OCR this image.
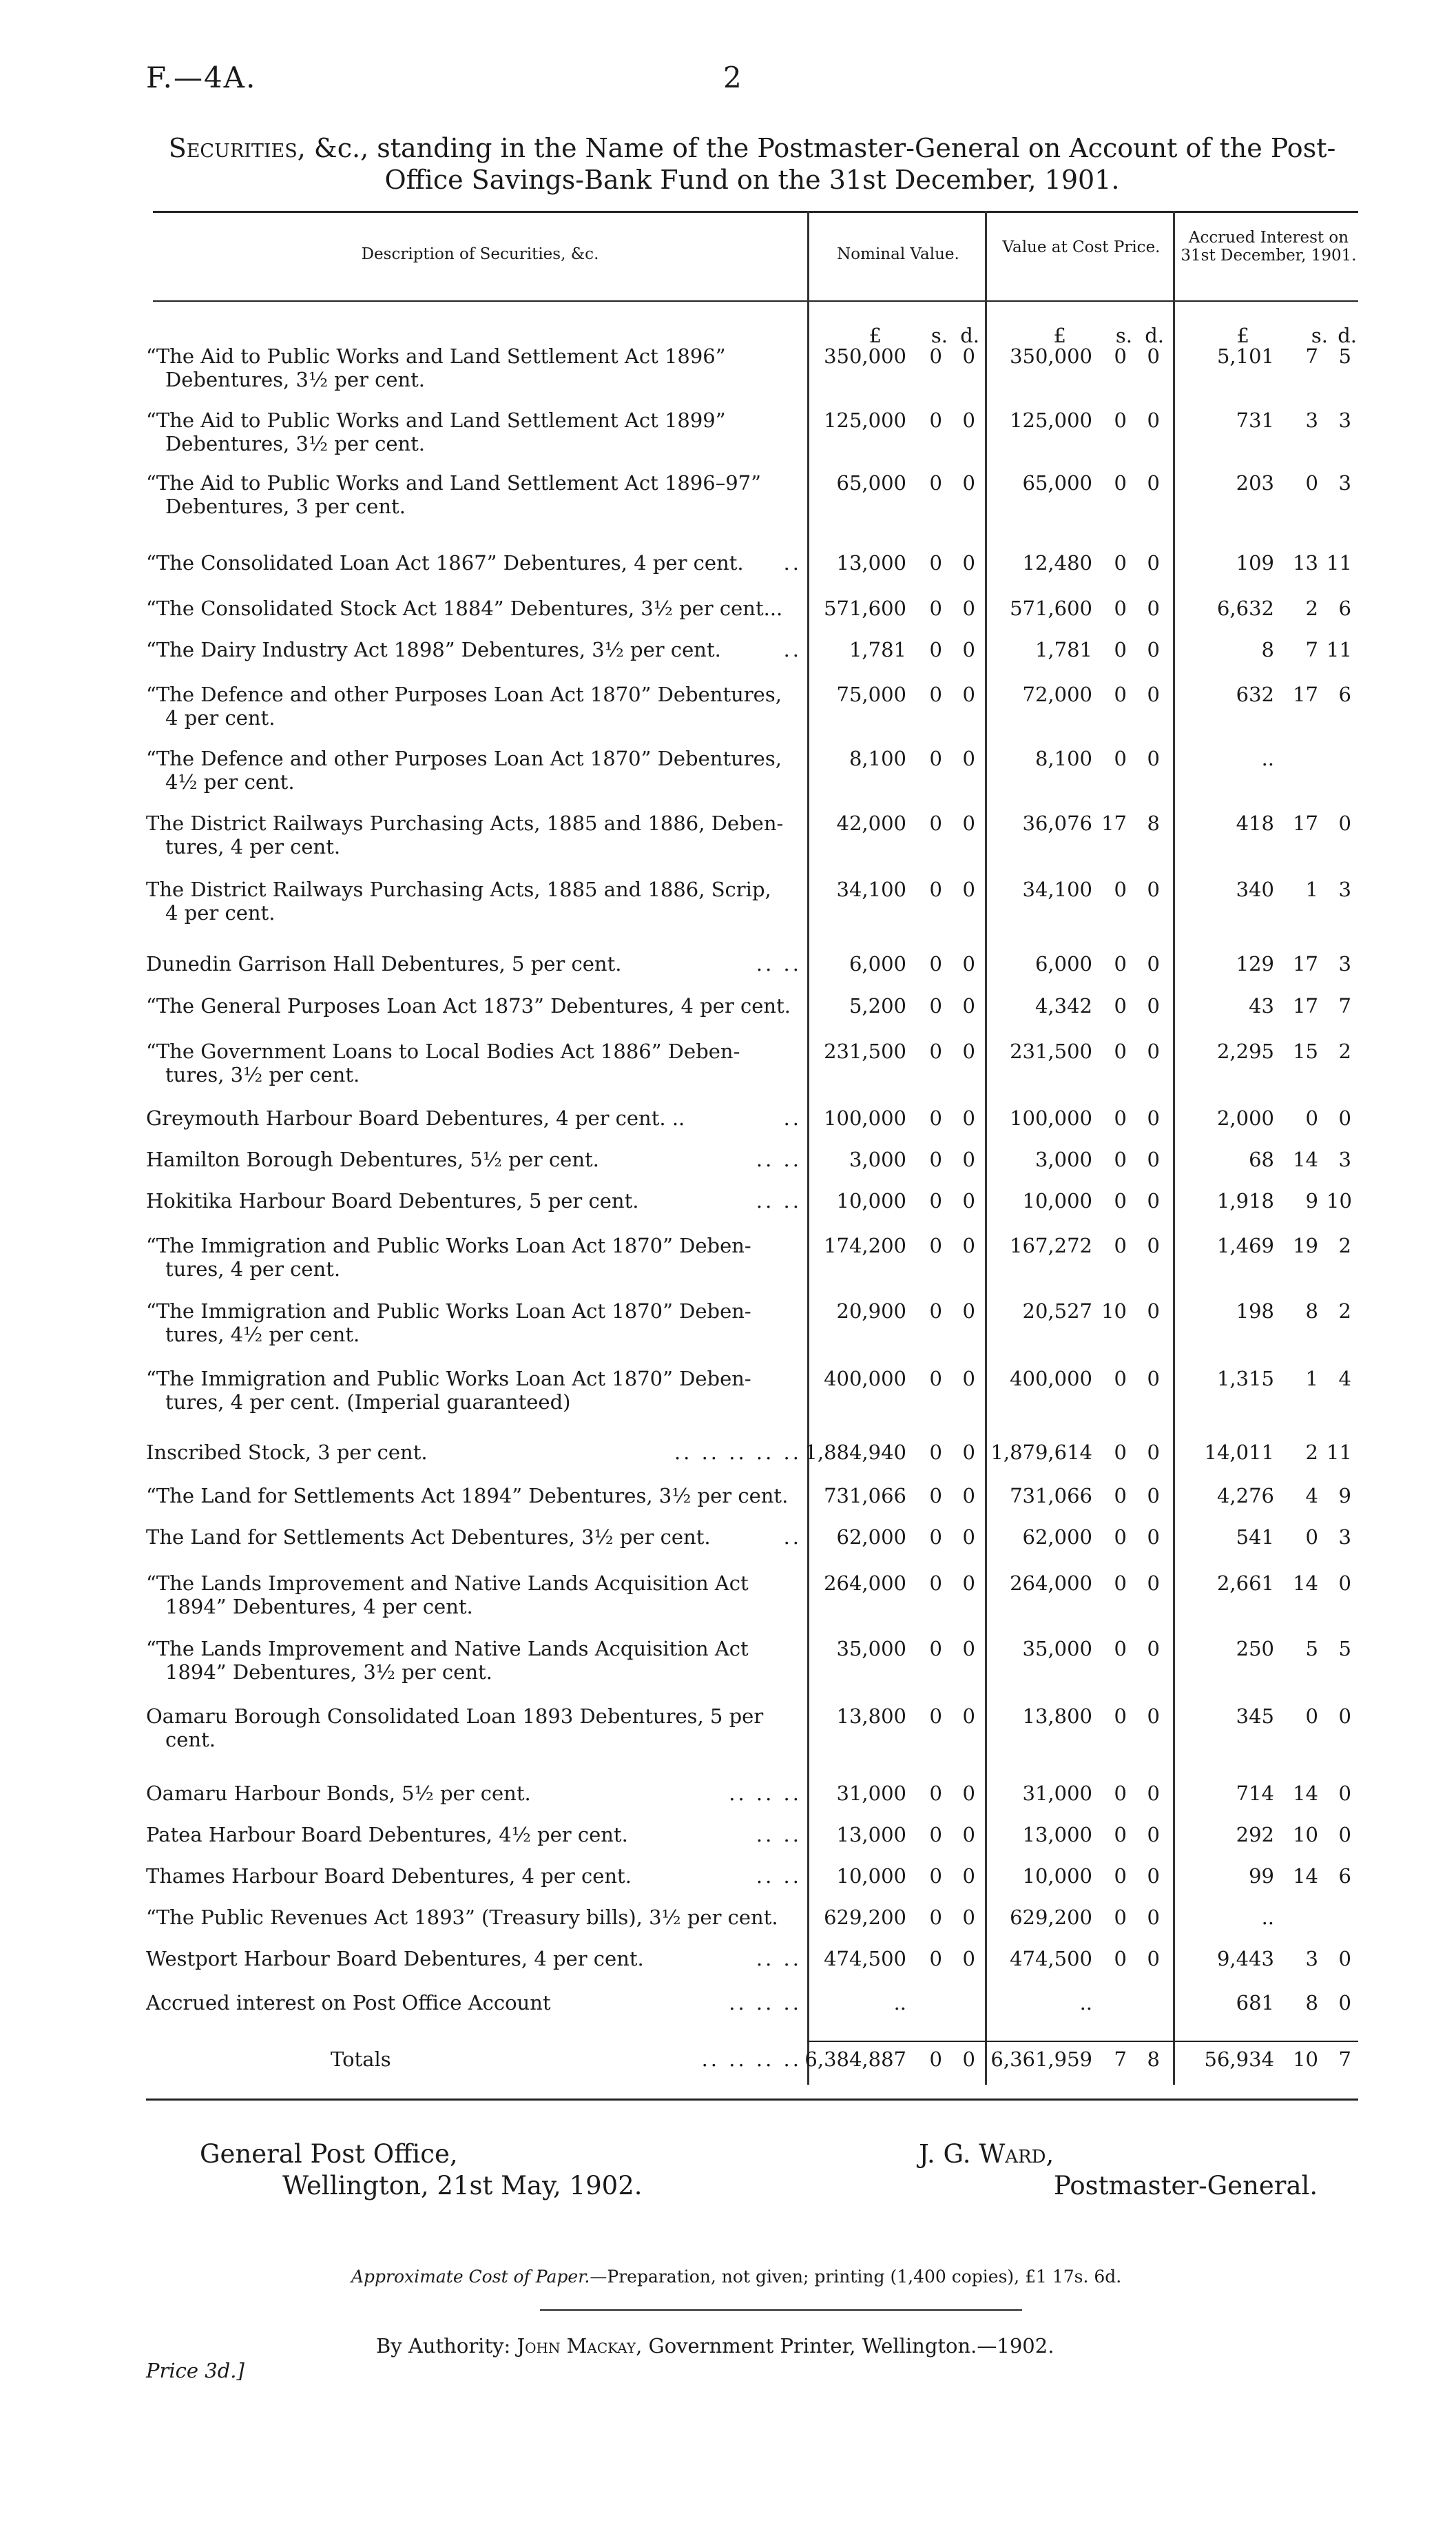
F.—4A.	2
Securities, &c., standing in the Name of the Postmaster-General on Account of the Post-Office Savings-Bank Fund on the 31st December, 1901.
Description of Securities, &c.	Nominal Value.	Value at Cost Price.
Accrued Interest on 31st December, 1901.
£	s. d.	£	s. d.	£	s. d.
“The Aid to Public Works and Land Settlement Act 1896”
Debentures, 3½ per cent.
350,000	0	0	350,000	0	0	5,101	7	5
“The Aid to Public Works and Land Settlement Act 1899”
Debentures, 3½ per cent.
125,000	0	0	125,000	0	0	731	3	3
“The Aid to Public Works and Land Settlement Act 1896–97”
Debentures, 3 per cent.
65,000	0	0	65,000	0	0	203	0	3
“The Consolidated Loan Act 1867” Debentures, 4 per cent. ..	13,000	0	0	12,480	0	0	109 13 11
“The Consolidated Stock Act 1884” Debentures, 3½ per cent...	571,600	0	0	571,600	0	0	6,632	2	6
“The Dairy Industry Act 1898” Debentures, 3½ per cent.	..	1,781	0	0	1,781	0	0	8	7 11
“The Defence and other Purposes Loan Act 1870” Debentures,
4 per cent.
75,000	0	0	72,000	0	0	632 17	6
“The Defence and other Purposes Loan Act 1870” Debentures,
4½ per cent.
8,100	0	0	8,100	0	0	..
The District Railways Purchasing Acts, 1885 and 1886, Deben-
tures, 4 per cent.
42,000	0	0	36,076 17	8	418 17	0
The District Railways Purchasing Acts, 1885 and 1886, Scrip,
4 per cent.
34,100	0	0	34,100	0	0	340	1	3
Dunedin Garrison Hall Debentures, 5 per cent.	.. ..	6,000	0	0	6,000	0	0	129 17	3
“The General Purposes Loan Act 1873” Debentures, 4 per cent.	5,200	0	0	4,342	0	0	43 17	7
“The Government Loans to Local Bodies Act 1886” Deben-
tures, 3½ per cent.
231,500	0	0	231,500	0	0	2,295 15	2
Greymouth Harbour Board Debentures, 4 per cent. ..	..	100,000	0	0	100,000	0	0	2,000	0	0
Hamilton Borough Debentures, 5½ per cent.	.. ..	3,000	0	0	3,000	0	0	68 14	3
Hokitika Harbour Board Debentures, 5 per cent.	.. ..	10,000	0	0	10,000	0	0	1,918	9 10
“The Immigration and Public Works Loan Act 1870” Deben-
tures, 4 per cent.
174,200	0	0	167,272	0	0	1,469 19	2
“The Immigration and Public Works Loan Act 1870” Deben-
tures, 4½ per cent.
20,900	0	0	20,527 10	0	198	8	2
“The Immigration and Public Works Loan Act 1870” Deben-
tures, 4 per cent. (Imperial guaranteed)
400,000	0	0	400,000	0	0	1,315	1	4
Inscribed Stock, 3 per cent.	.. .. .. .. .. 1,884,940	0	0 1,879,614	0	0	14,011	2 11
“The Land for Settlements Act 1894” Debentures, 3½ per cent.	731,066	0	0	731,066	0	0	4,276	4	9
The Land for Settlements Act Debentures, 3½ per cent.	..	62,000	0	0	62,000	0	0	541	0	3
“The Lands Improvement and Native Lands Acquisition Act
1894” Debentures, 4 per cent.
264,000	0	0	264,000	0	0	2,661 14	0
“The Lands Improvement and Native Lands Acquisition Act
1894” Debentures, 3½ per cent.
35,000	0	0	35,000	0	0	250	5	5
Oamaru Borough Consolidated Loan 1893 Debentures, 5 per
cent.
13,800	0	0	13,800	0	0	345	0	0
Oamaru Harbour Bonds, 5½ per cent.	.. .. ..	31,000	0	0	31,000	0	0	714 14	0
Patea Harbour Board Debentures, 4½ per cent.	.. ..	13,000	0	0	13,000	0	0	292 10	0
Thames Harbour Board Debentures, 4 per cent.	.. ..	10,000	0	0	10,000	0	0	99 14	6
“The Public Revenues Act 1893” (Treasury bills), 3½ per cent.	629,200	0	0	629,200	0	0	..
Westport Harbour Board Debentures, 4 per cent.	.. ..	474,500	0	0	474,500	0	0	9,443	3	0
Accrued interest on Post Office Account	.. .. ..	..	..	681	8	0
Totals	.. .. .. .. 6,384,887	0	0 6,361,959	7	8	56,934 10	7
General Post Office,
Wellington, 21st May, 1902.
J. G. Ward,
Postmaster-General.
Approximate Cost of Paper.—Preparation, not given; printing (1,400 copies), £1 17s. 6d.
By Authority: John Mackay, Government Printer, Wellington.—1902.
Price 3d.]
